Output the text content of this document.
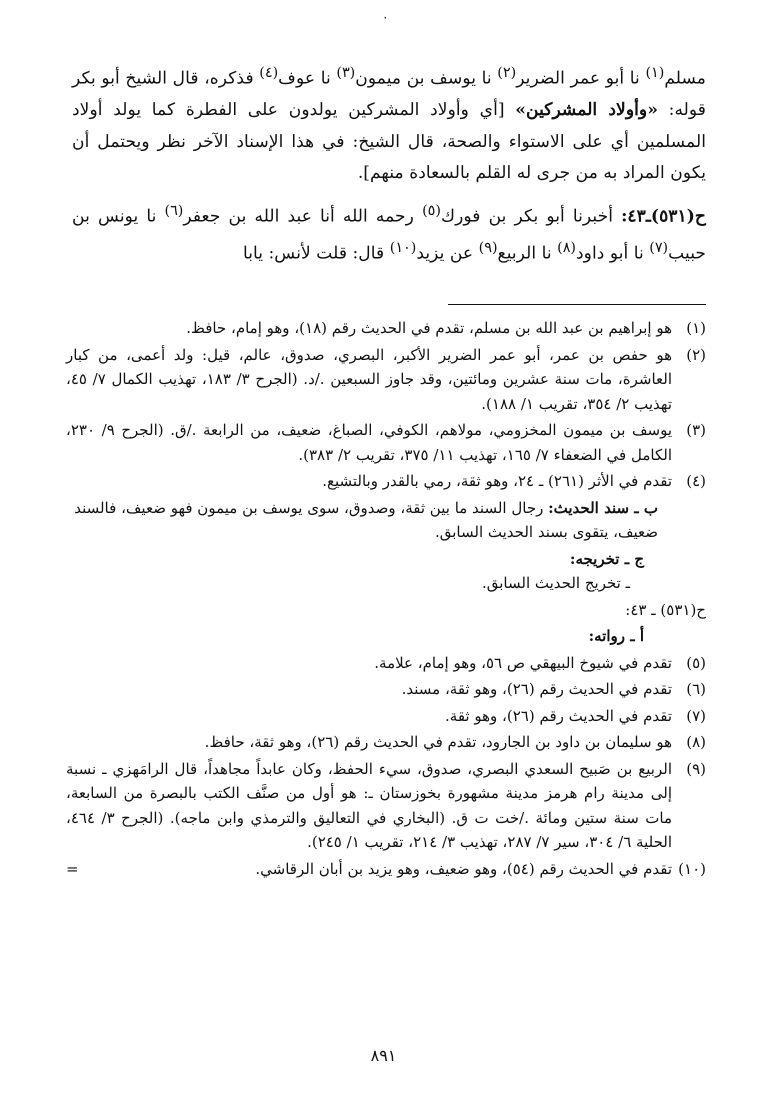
٠

مسلم$^{(١)}$ نا أبو عمر الضرير$^{(٢)}$ نا يوسف بن ميمون$^{(٣)}$ نا عوف$^{(٤)}$ فذكره، قال الشيخ أبو بكر قوله: «وأولاد المشركين» [أي وأولاد المشركين يولدون على الفطرة كما يولد أولاد المسلمين أي على الاستواء والصحة، قال الشيخ: في هذا الإسناد الآخر نظر ويحتمل أن يكون المراد به من جرى له القلم بالسعادة منهم].

ح(٥٣١)ـ٤٣: أخبرنا أبو بكر بن فورك$^{(٥)}$ رحمه الله أنا عبد الله بن جعفر$^{(٦)}$ نا يونس بن حبيب$^{(٧)}$ نا أبو داود$^{(٨)}$ نا الربيع$^{(٩)}$ عن يزيد$^{(١٠)}$ قال: قلت لأنس: يابا

(١)
هو إبراهيم بن عبد الله بن مسلم، تقدم في الحديث رقم (١٨)، وهو إمام، حافظ.
(٢)
هو حفص بن عمر، أبو عمر الضرير الأكبر، البصري، صدوق، عالم، قيل: ولد أعمى، من كبار العاشرة، مات سنة عشرين ومائتين، وقد جاوز السبعين ./د. (الجرح ٣/ ١٨٣، تهذيب الكمال ٧/ ٤٥، تهذيب ٢/ ٣٥٤، تقريب ١/ ١٨٨).
(٣)
يوسف بن ميمون المخزومي، مولاهم، الكوفي، الصباغ، ضعيف، من الرابعة ./ق. (الجرح ٩/ ٢٣٠، الكامل في الضعفاء ٧/ ١٦٥، تهذيب ١١/ ٣٧٥، تقريب ٢/ ٣٨٣).
(٤)
تقدم في الأثر (٢٦١) ـ ٢٤، وهو ثقة، رمي بالقدر وبالتشيع.
ب ـ سند الحديث: رجال السند ما بين ثقة، وصدوق، سوى يوسف بن ميمون فهو ضعيف، فالسند ضعيف، يتقوى بسند الحديث السابق.
ج ـ تخريجه:
ـ تخريج الحديث السابق.
ح(٥٣١) ـ ٤٣:
أ ـ رواته:
(٥)
تقدم في شيوخ البيهقي ص ٥٦، وهو إمام، علامة.
(٦)
تقدم في الحديث رقم (٢٦)، وهو ثقة، مسند.
(٧)
تقدم في الحديث رقم (٢٦)، وهو ثقة.
(٨)
هو سليمان بن داود بن الجارود، تقدم في الحديث رقم (٢٦)، وهو ثقة، حافظ.
(٩)
الربيع بن صَبيح السعدي البصري، صدوق، سيء الحفظ، وكان عابداً مجاهداً، قال الرامَهزي ـ نسبة إلى مدينة رام هرمز مدينة مشهورة بخوزستان ـ: هو أول من صنَّف الكتب بالبصرة من السابعة، مات سنة ستين ومائة ./خت ت ق. (البخاري في التعاليق والترمذي وابن ماجه). (الجرح ٣/ ٤٦٤، الحلية ٦/ ٣٠٤، سير ٧/ ٢٨٧، تهذيب ٣/ ٢١٤، تقريب ١/ ٢٤٥).
(١٠)
تقدم في الحديث رقم (٥٤)، وهو ضعيف، وهو يزيد بن أبان الرقاشي.
=
٨٩١
